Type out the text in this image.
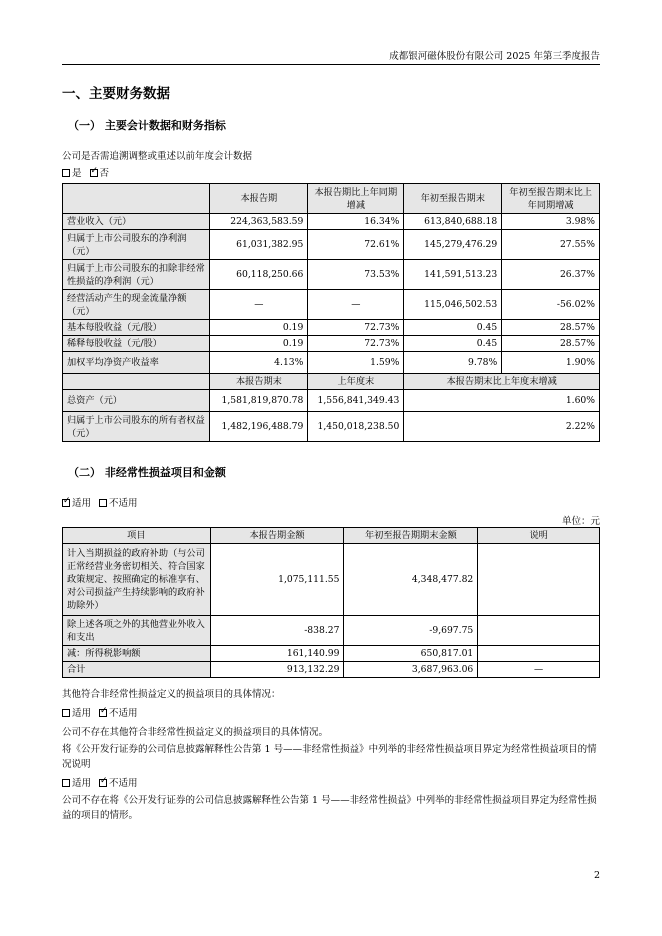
成都银河磁体股份有限公司 2025 年第三季度报告
一、主要财务数据
（一） 主要会计数据和财务指标
公司是否需追溯调整或重述以前年度会计数据
是 ✓ 否
	本报告期	本报告期比上年同期增减	年初至报告期末	年初至报告期末比上年同期增减
营业收入（元）	224,363,583.59	16.34%	613,840,688.18	3.98%
归属于上市公司股东的净利润（元）	61,031,382.95	72.61%	145,279,476.29	27.55%
归属于上市公司股东的扣除非经常性损益的净利润（元）	60,118,250.66	73.53%	141,591,513.23	26.37%
经营活动产生的现金流量净额（元）	—	—	115,046,502.53	-56.02%
基本每股收益（元/股）	0.19	72.73%	0.45	28.57%
稀释每股收益（元/股）	0.19	72.73%	0.45	28.57%
加权平均净资产收益率	4.13%	1.59%	9.78%	1.90%
	本报告期末	上年度末	本报告期末比上年度末增减	
总资产（元）	1,581,819,870.78	1,556,841,349.43	1.60%	
归属于上市公司股东的所有者权益（元）	1,482,196,488.79	1,450,018,238.50	2.22%	
（二） 非经常性损益项目和金额
✓适用 不适用
单位：元
项目	本报告期金额	年初至报告期期末金额	说明
计入当期损益的政府补助（与公司正常经营业务密切相关、符合国家政策规定、按照确定的标准享有、对公司损益产生持续影响的政府补助除外）	1,075,111.55	4,348,477.82	
除上述各项之外的其他营业外收入和支出	-838.27	-9,697.75	
减：所得税影响额	161,140.99	650,817.01	
合计	913,132.29	3,687,963.06	—
其他符合非经常性损益定义的损益项目的具体情况：
适用 ✓ 不适用
公司不存在其他符合非经常性损益定义的损益项目的具体情况。
将《公开发行证券的公司信息披露解释性公告第 1 号——非经常性损益》中列举的非经常性损益项目界定为经常性损益项目的情况说明
适用 ✓ 不适用
公司不存在将《公开发行证券的公司信息披露解释性公告第 1 号——非经常性损益》中列举的非经常性损益项目界定为经常性损益的项目的情形。
2
